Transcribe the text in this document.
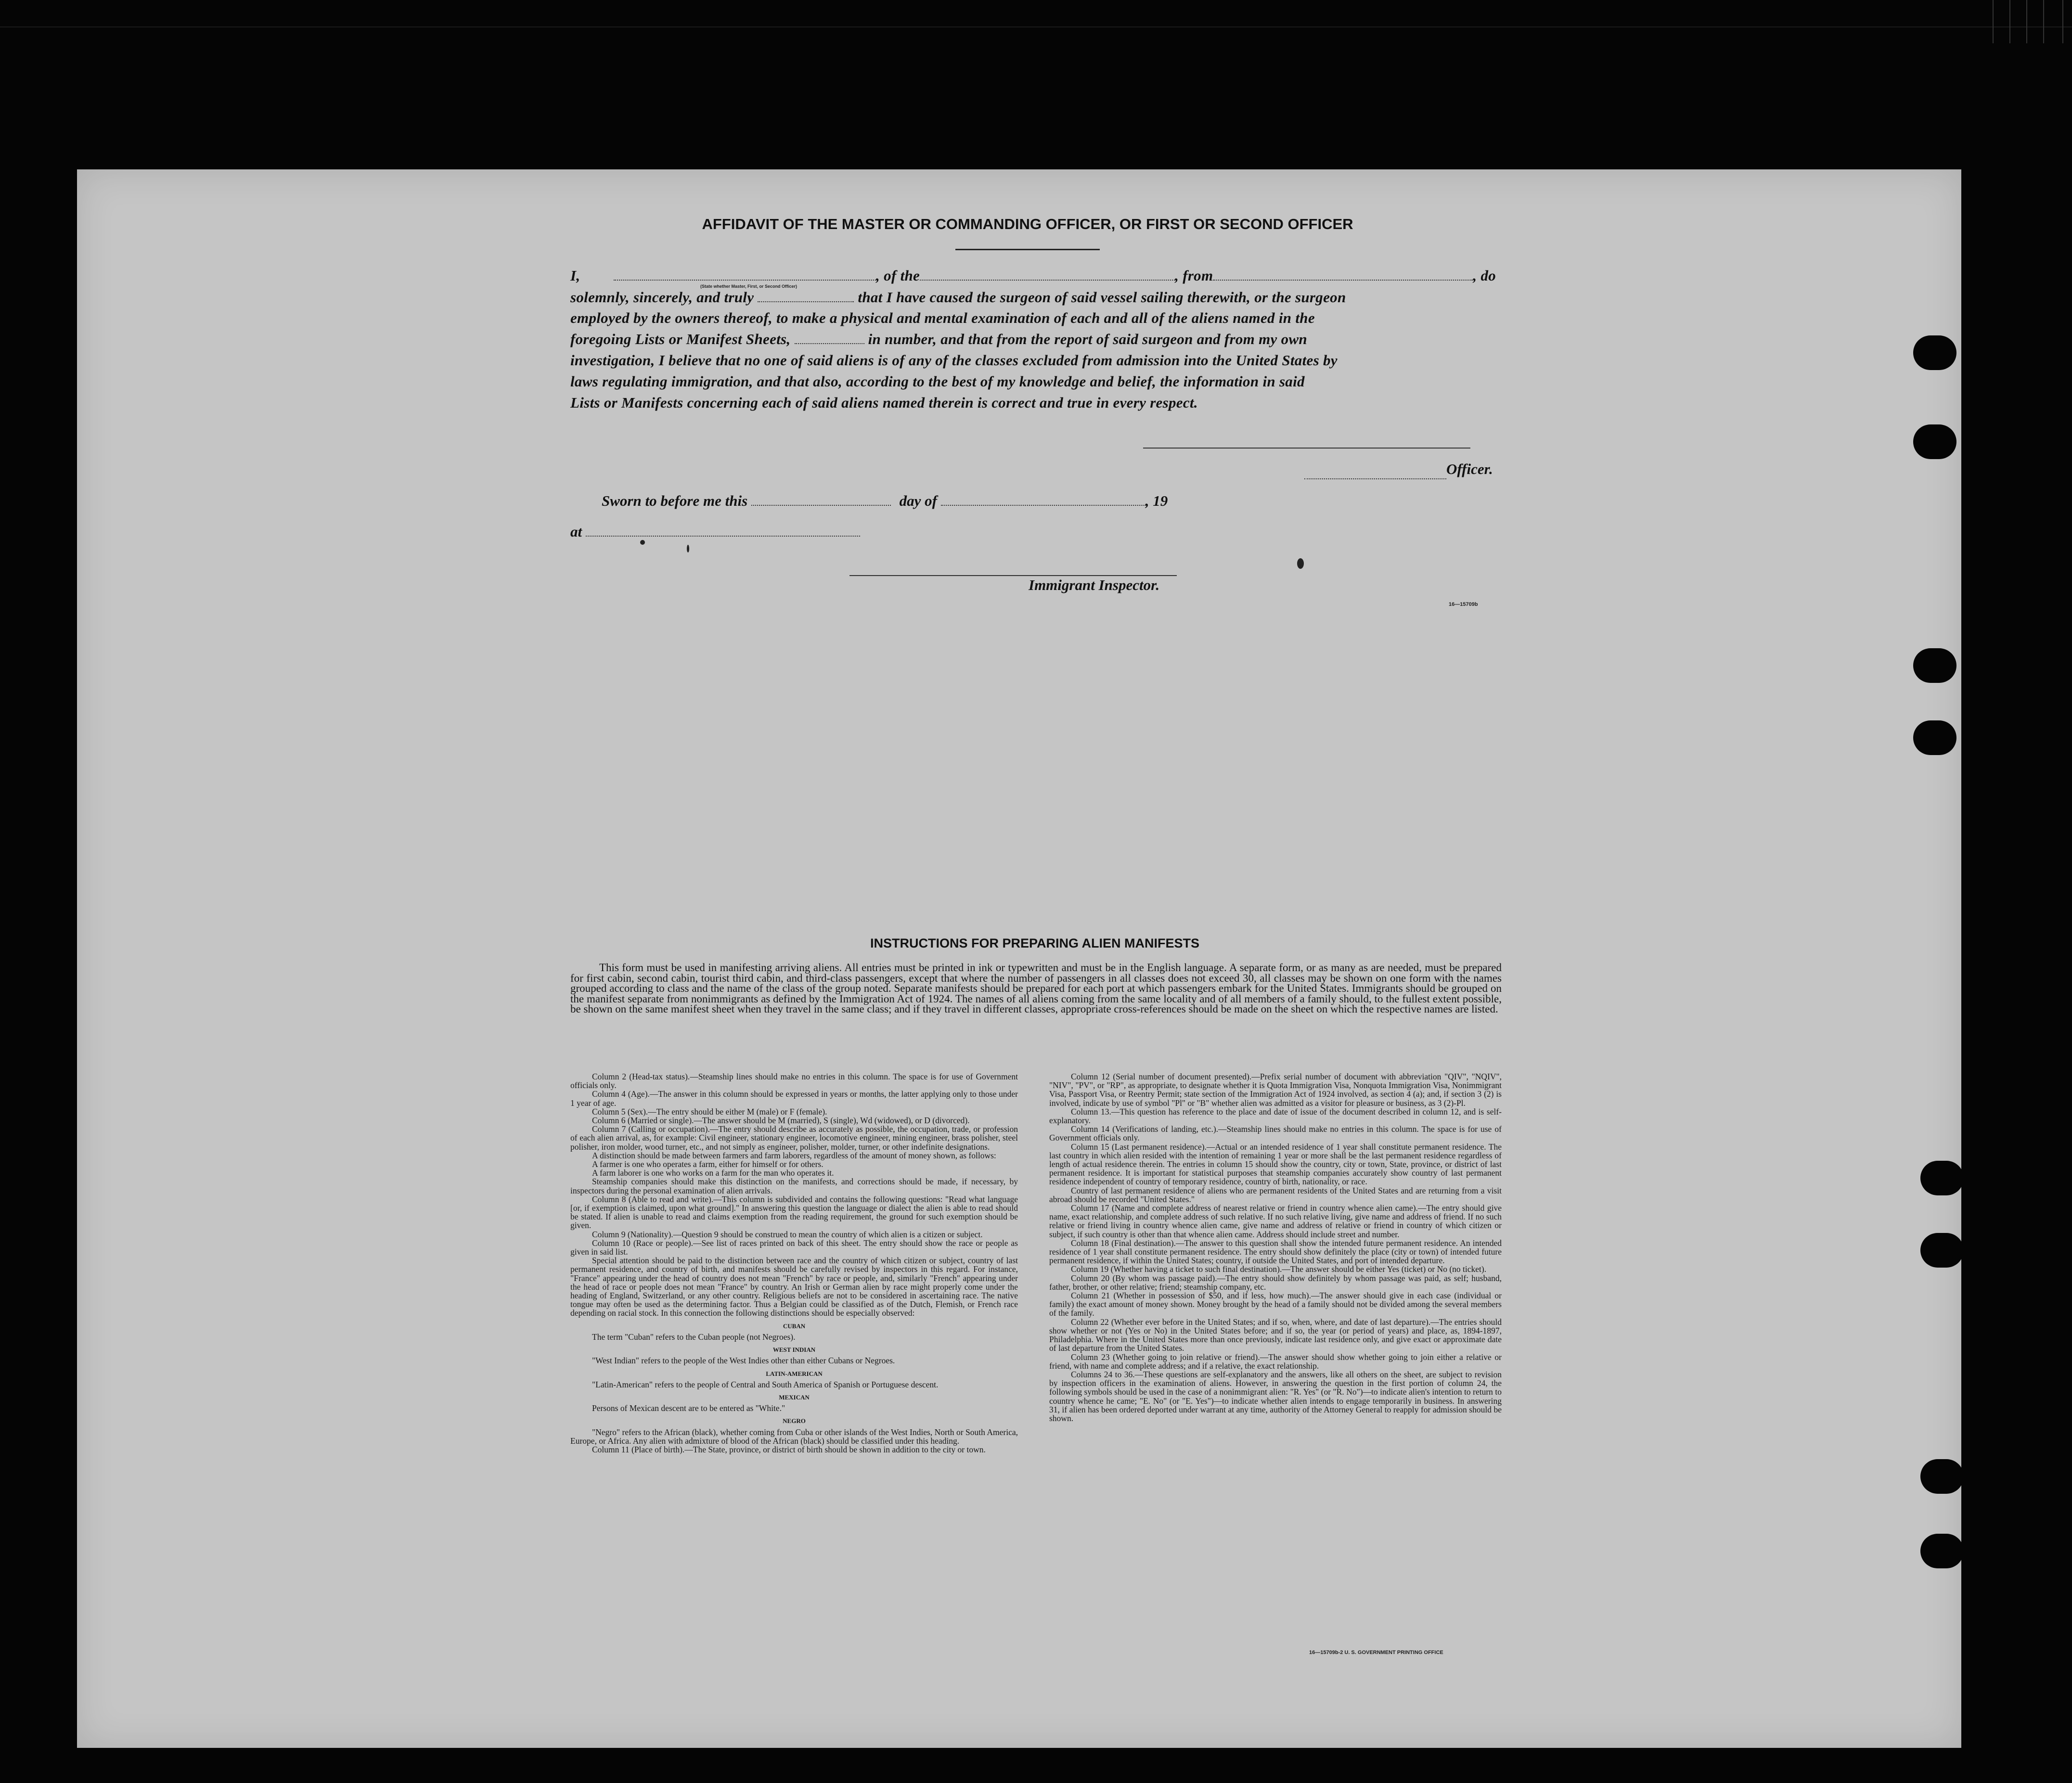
AFFIDAVIT OF THE MASTER OR COMMANDING OFFICER, OR FIRST OR SECOND OFFICER
I,	, of the	, from	, do
(State whether Master, First, or Second Officer)
solemnly, sincerely, and truly	that I have caused the surgeon of said vessel sailing therewith, or the surgeon
employed by the owners thereof, to make a physical and mental examination of each and all of the aliens named in the
foregoing Lists or Manifest Sheets,	in number, and that from the report of said surgeon and from my own
investigation, I believe that no one of said aliens is of any of the classes excluded from admission into the United States by
laws regulating immigration, and that also, according to the best of my knowledge and belief, the information in said
Lists or Manifests concerning each of said aliens named therein is correct and true in every respect.
Officer.
Sworn to before me this	day of	, 19
at
Immigrant Inspector.
16—15709b
INSTRUCTIONS FOR PREPARING ALIEN MANIFESTS

This form must be used in manifesting arriving aliens. All entries must be printed in ink or typewritten and must be in the English language. A separate form, or as many as are needed, must be prepared for first cabin, second cabin, tourist third cabin, and third-class passengers, except that where the number of passengers in all classes does not exceed 30, all classes may be shown on one form with the names grouped according to class and the name of the class of the group noted. Separate manifests should be prepared for each port at which passengers embark for the United States. Immigrants should be grouped on the manifest separate from nonimmigrants as defined by the Immigration Act of 1924. The names of all aliens coming from the same locality and of all members of a family should, to the fullest extent possible, be shown on the same manifest sheet when they travel in the same class; and if they travel in different classes, appropriate cross-references should be made on the sheet on which the respective names are listed.

Column 2 (Head-tax status).—Steamship lines should make no entries in this column. The space is for use of Government officials only.

Column 4 (Age).—The answer in this column should be expressed in years or months, the latter applying only to those under 1 year of age.

Column 5 (Sex).—The entry should be either M (male) or F (female).

Column 6 (Married or single).—The answer should be M (married), S (single), Wd (widowed), or D (divorced).

Column 7 (Calling or occupation).—The entry should describe as accurately as possible, the occupation, trade, or profession of each alien arrival, as, for example: Civil engineer, stationary engineer, locomotive engineer, mining engineer, brass polisher, steel polisher, iron molder, wood turner, etc., and not simply as engineer, polisher, molder, turner, or other indefinite designations.

A distinction should be made between farmers and farm laborers, regardless of the amount of money shown, as follows:

A farmer is one who operates a farm, either for himself or for others.

A farm laborer is one who works on a farm for the man who operates it.

Steamship companies should make this distinction on the manifests, and corrections should be made, if necessary, by inspectors during the personal examination of alien arrivals.

Column 8 (Able to read and write).—This column is subdivided and contains the following questions: "Read what language [or, if exemption is claimed, upon what ground]." In answering this question the language or dialect the alien is able to read should be stated. If alien is unable to read and claims exemption from the reading requirement, the ground for such exemption should be given.

Column 9 (Nationality).—Question 9 should be construed to mean the country of which alien is a citizen or subject.

Column 10 (Race or people).—See list of races printed on back of this sheet. The entry should show the race or people as given in said list.

Special attention should be paid to the distinction between race and the country of which citizen or subject, country of last permanent residence, and country of birth, and manifests should be carefully revised by inspectors in this regard. For instance, "France" appearing under the head of country does not mean "French" by race or people, and, similarly "French" appearing under the head of race or people does not mean "France" by country. An Irish or German alien by race might properly come under the heading of England, Switzerland, or any other country. Religious beliefs are not to be considered in ascertaining race. The native tongue may often be used as the determining factor. Thus a Belgian could be classified as of the Dutch, Flemish, or French race depending on racial stock. In this connection the following distinctions should be especially observed:

CUBAN

The term "Cuban" refers to the Cuban people (not Negroes).

WEST INDIAN

"West Indian" refers to the people of the West Indies other than either Cubans or Negroes.

LATIN-AMERICAN

"Latin-American" refers to the people of Central and South America of Spanish or Portuguese descent.

MEXICAN

Persons of Mexican descent are to be entered as "White."

NEGRO

"Negro" refers to the African (black), whether coming from Cuba or other islands of the West Indies, North or South America, Europe, or Africa. Any alien with admixture of blood of the African (black) should be classified under this heading.

Column 11 (Place of birth).—The State, province, or district of birth should be shown in addition to the city or town.

Column 12 (Serial number of document presented).—Prefix serial number of document with abbreviation "QIV", "NQIV", "NIV", "PV", or "RP", as appropriate, to designate whether it is Quota Immigration Visa, Nonquota Immigration Visa, Nonimmigrant Visa, Passport Visa, or Reentry Permit; state section of the Immigration Act of 1924 involved, as section 4 (a); and, if section 3 (2) is involved, indicate by use of symbol "Pl" or "B" whether alien was admitted as a visitor for pleasure or business, as 3 (2)-Pl.

Column 13.—This question has reference to the place and date of issue of the document described in column 12, and is self-explanatory.

Column 14 (Verifications of landing, etc.).—Steamship lines should make no entries in this column. The space is for use of Government officials only.

Column 15 (Last permanent residence).—Actual or an intended residence of 1 year shall constitute permanent residence. The last country in which alien resided with the intention of remaining 1 year or more shall be the last permanent residence regardless of length of actual residence therein. The entries in column 15 should show the country, city or town, State, province, or district of last permanent residence. It is important for statistical purposes that steamship companies accurately show country of last permanent residence independent of country of temporary residence, country of birth, nationality, or race.

Country of last permanent residence of aliens who are permanent residents of the United States and are returning from a visit abroad should be recorded "United States."

Column 17 (Name and complete address of nearest relative or friend in country whence alien came).—The entry should give name, exact relationship, and complete address of such relative. If no such relative living, give name and address of friend. If no such relative or friend living in country whence alien came, give name and address of relative or friend in country of which citizen or subject, if such country is other than that whence alien came. Address should include street and number.

Column 18 (Final destination).—The answer to this question shall show the intended future permanent residence. An intended residence of 1 year shall constitute permanent residence. The entry should show definitely the place (city or town) of intended future permanent residence, if within the United States; country, if outside the United States, and port of intended departure.

Column 19 (Whether having a ticket to such final destination).—The answer should be either Yes (ticket) or No (no ticket).

Column 20 (By whom was passage paid).—The entry should show definitely by whom passage was paid, as self; husband, father, brother, or other relative; friend; steamship company, etc.

Column 21 (Whether in possession of $50, and if less, how much).—The answer should give in each case (individual or family) the exact amount of money shown. Money brought by the head of a family should not be divided among the several members of the family.

Column 22 (Whether ever before in the United States; and if so, when, where, and date of last departure).—The entries should show whether or not (Yes or No) in the United States before; and if so, the year (or period of years) and place, as, 1894-1897, Philadelphia. Where in the United States more than once previously, indicate last residence only, and give exact or approximate date of last departure from the United States.

Column 23 (Whether going to join relative or friend).—The answer should show whether going to join either a relative or friend, with name and complete address; and if a relative, the exact relationship.

Columns 24 to 36.—These questions are self-explanatory and the answers, like all others on the sheet, are subject to revision by inspection officers in the examination of aliens. However, in answering the question in the first portion of column 24, the following symbols should be used in the case of a nonimmigrant alien: "R. Yes" (or "R. No")—to indicate alien's intention to return to country whence he came; "E. No" (or "E. Yes")—to indicate whether alien intends to engage temporarily in business. In answering 31, if alien has been ordered deported under warrant at any time, authority of the Attorney General to reapply for admission should be shown.

16—15709b-2 U. S. GOVERNMENT PRINTING OFFICE
